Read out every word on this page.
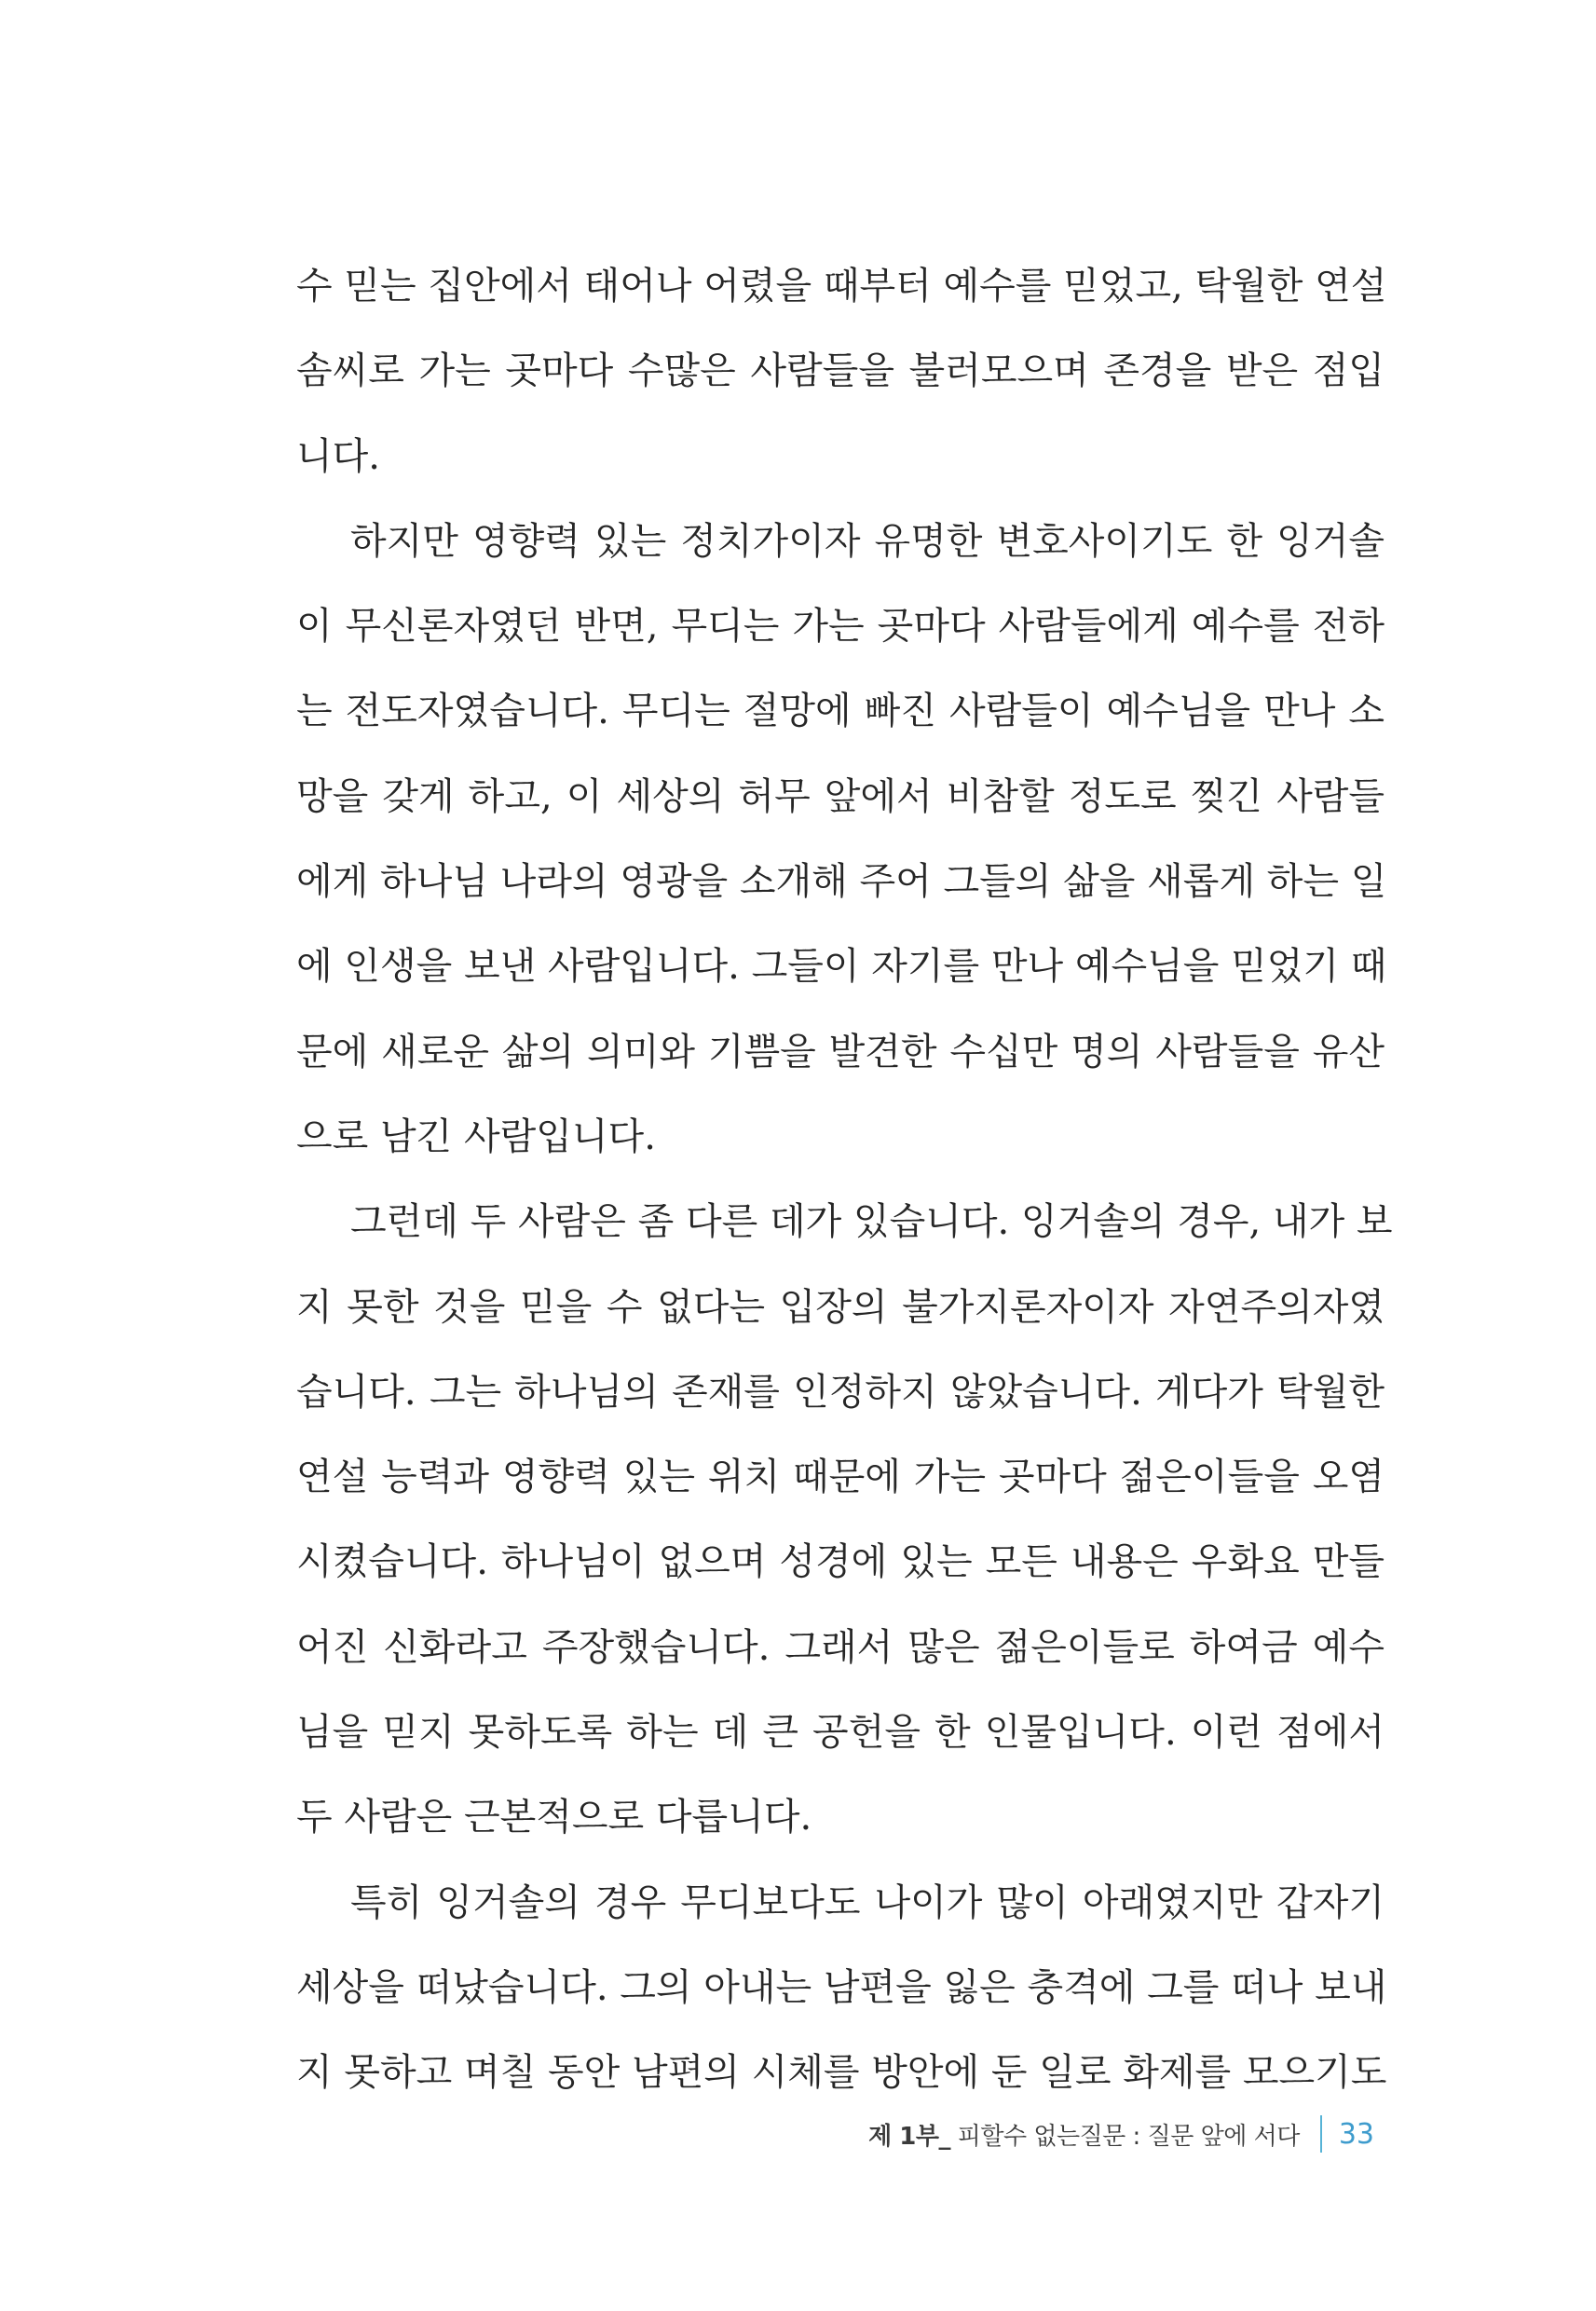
수 믿는 집안에서 태어나 어렸을 때부터 예수를 믿었고, 탁월한 연설
솜씨로 가는 곳마다 수많은 사람들을 불러모으며 존경을 받은 점입
니다.
하지만 영향력 있는 정치가이자 유명한 변호사이기도 한 잉거솔
이 무신론자였던 반면, 무디는 가는 곳마다 사람들에게 예수를 전하
는 전도자였습니다. 무디는 절망에 빠진 사람들이 예수님을 만나 소
망을 갖게 하고, 이 세상의 허무 앞에서 비참할 정도로 찢긴 사람들
에게 하나님 나라의 영광을 소개해 주어 그들의 삶을 새롭게 하는 일
에 인생을 보낸 사람입니다. 그들이 자기를 만나 예수님을 믿었기 때
문에 새로운 삶의 의미와 기쁨을 발견한 수십만 명의 사람들을 유산
으로 남긴 사람입니다.
그런데 두 사람은 좀 다른 데가 있습니다. 잉거솔의 경우, 내가 보
지 못한 것을 믿을 수 없다는 입장의 불가지론자이자 자연주의자였
습니다. 그는 하나님의 존재를 인정하지 않았습니다. 게다가 탁월한
연설 능력과 영향력 있는 위치 때문에 가는 곳마다 젊은이들을 오염
시켰습니다. 하나님이 없으며 성경에 있는 모든 내용은 우화요 만들
어진 신화라고 주장했습니다. 그래서 많은 젊은이들로 하여금 예수
님을 믿지 못하도록 하는 데 큰 공헌을 한 인물입니다. 이런 점에서
두 사람은 근본적으로 다릅니다.
특히 잉거솔의 경우 무디보다도 나이가 많이 아래였지만 갑자기
세상을 떠났습니다. 그의 아내는 남편을 잃은 충격에 그를 떠나 보내
지 못하고 며칠 동안 남편의 시체를 방안에 둔 일로 화제를 모으기도
제 1부_ 피할수 없는질문 : 질문 앞에 서다 33
